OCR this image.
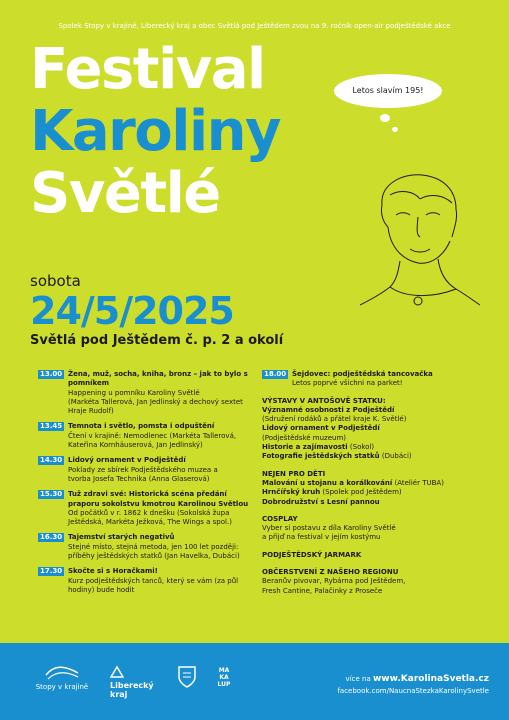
Spolek Stopy v krajině, Liberecký kraj a obec Světlá pod Ještědem zvou na 9. ročník open-air podještědské akce
Festival
Karoliny
Světlé
Letos slavím 195!
sobota
24/5/2025
Světlá pod Ještědem č. p. 2 a okolí
13.00 Žena, muž, socha, kniha, bronz – jak to bylo s pomníkem
Happening u pomníku Karoliny Světlé
(Markéta Tallerová, Jan Jedlinský a dechový sextet Hraje Rudolf)
13.45 Temnota i světlo, pomsta i odpuštění
Čtení v krajině: Nemodlenec (Markéta Tallerová,
Kateřina Kornhäuserová, Jan Jedlinský)
14.30 Lidový ornament v Podještědí
Poklady ze sbírek Podještědského muzea a
tvorba Josefa Technika (Anna Glaserová)
15.30 Tuž zdravi své: Historická scéna předání praporu sokolstvu kmotrou Karolinou Světlou
Od počátků v r. 1862 k dnešku (Sokolská župa
Ještědská, Markéta Ježková, The Wings a spol.)
16.30 Tajemství starých negativů
Stejné místo, stejná metoda, jen 100 let později:
příběhy ještědských statků (Jan Havelka, Dubáci)
17.30 Skočte si s Horačkami!
Kurz podještědských tanců, který se vám (za půl
hodiny) bude hodit
18.00 Šejdovec: podještědská tancovačka
Letos poprvé všichni na parket!
VÝSTAVY V ANTOŠOVĚ STATKU:
Významné osobnosti z Podještědí
(Sdružení rodáků a přátel kraje K. Světlé)
Lidový ornament v Podještědí
(Podještědské muzeum)
Historie a zajímavosti (Sokol)
Fotografie ještědských statků (Dubáci)
NEJEN PRO DĚTI
Malování u stojanu a korálkování (Ateliér TUBA)
Hrnčířský kruh (Spolek pod Ještědem)
Dobrodružství s Lesní pannou
COSPLAY
Vyber si postavu z díla Karoliny Světlé
a přijď na festival v jejím kostýmu
PODJEŠTĚDSKÝ JARMARK
OBČERSTVENÍ Z NAŠEHO REGIONU
Beranův pivovar, Rybárna pod Ještědem,
Fresh Cantine, Palačinky z Proseče
Stopy v krajině	Liberecký kraj
MA KA LUP
více na www.KarolinaSvetla.cz
facebook.com/NaucnaStezkaKarolinySvetle
